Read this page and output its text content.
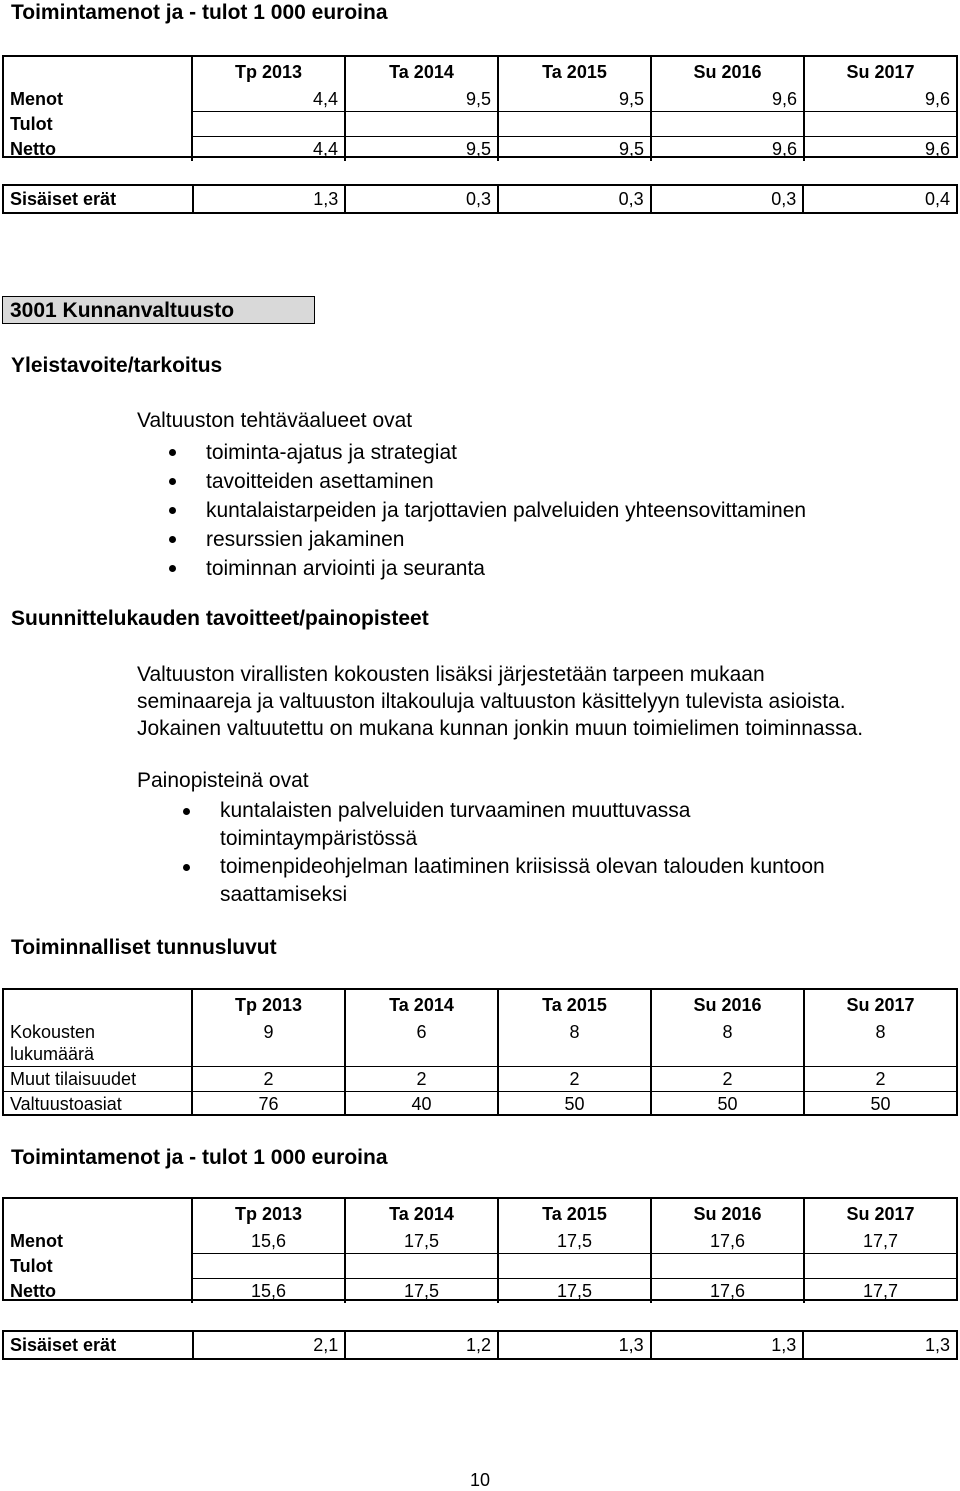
Toimintamenot ja - tulot 1 000 euroina
	Tp 2013	Ta 2014	Ta 2015	Su 2016	Su 2017
Menot	4,4	9,5	9,5	9,6	9,6
Tulot					
Netto	4,4	9,5	9,5	9,6	9,6
Sisäiset erät	1,3	0,3	0,3	0,3	0,4
3001 Kunnanvaltuusto
Yleistavoite/tarkoitus
Valtuuston tehtäväalueet ovat
toiminta-ajatus ja strategiat
tavoitteiden asettaminen
kuntalaistarpeiden ja tarjottavien palveluiden yhteensovittaminen
resurssien jakaminen
toiminnan arviointi ja seuranta
Suunnittelukauden tavoitteet/painopisteet
Valtuuston virallisten kokousten lisäksi järjestetään tarpeen mukaan
seminaareja ja valtuuston iltakouluja valtuuston käsittelyyn tulevista asioista.
Jokainen valtuutettu on mukana kunnan jonkin muun toimielimen toiminnassa.
Painopisteinä ovat
kuntalaisten palveluiden turvaaminen muuttuvassa
toimintaympäristössä
toimenpideohjelman laatiminen kriisissä olevan talouden kuntoon
saattamiseksi
Toiminnalliset tunnusluvut
	Tp 2013	Ta 2014	Ta 2015	Su 2016	Su 2017

Kokousten
lukumäärä	9	6	8	8	8
Muut tilaisuudet	2	2	2	2	2
Valtuustoasiat	76	40	50	50	50
Toimintamenot ja - tulot 1 000 euroina
	Tp 2013	Ta 2014	Ta 2015	Su 2016	Su 2017
Menot	15,6	17,5	17,5	17,6	17,7
Tulot					
Netto	15,6	17,5	17,5	17,6	17,7
Sisäiset erät	2,1	1,2	1,3	1,3	1,3
10
